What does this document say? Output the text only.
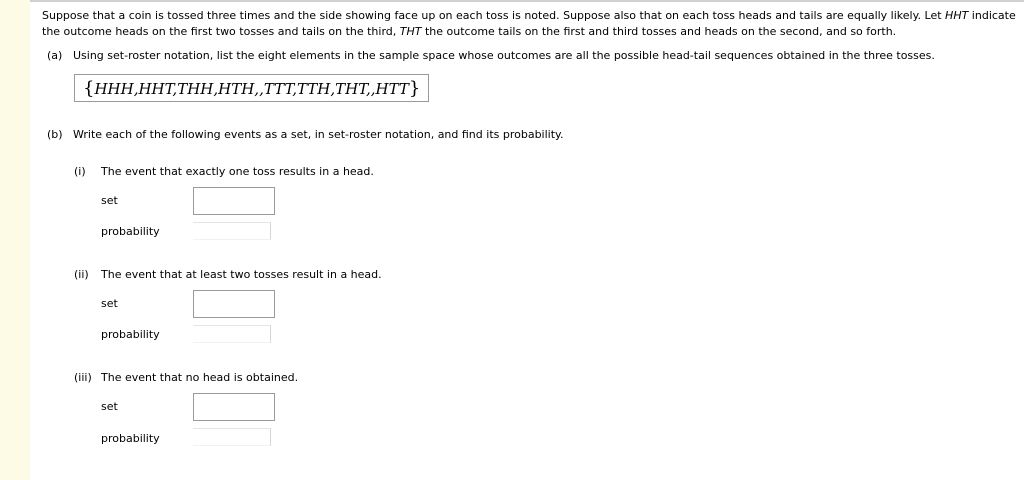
Suppose that a coin is tossed three times and the side showing face up on each toss is noted. Suppose also that on each toss heads and tails are equally likely. Let HHT indicate the outcome heads on the first two tosses and tails on the third, THT the outcome tails on the first and third tosses and heads on the second, and so forth.

(a) Using set-roster notation, list the eight elements in the sample space whose outcomes are all the possible head-tail sequences obtained in the three tosses.
{HHH,HHT,THH,HTH,,TTT,TTH,THT,,HTT}
(b) Write each of the following events as a set, in set-roster notation, and find its probability.
(i) The event that exactly one toss results in a head.
set
probability
(ii) The event that at least two tosses result in a head.
set
probability
(iii) The event that no head is obtained.
set
probability
